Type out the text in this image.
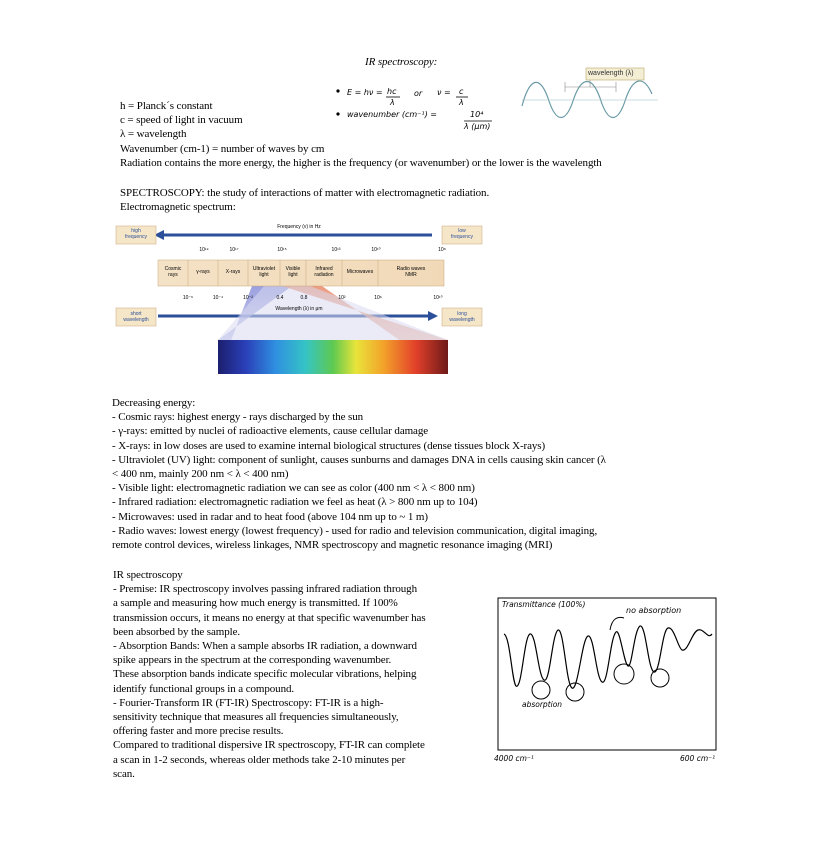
IR spectroscopy:
E = hν = hc
λ
or ν = c
λ
wavenumber (cm⁻¹) =	10⁴
λ (μm)
wavelength (λ)
h = Planck´s constant
c = speed of light in vacuum
λ = wavelength
Wavenumber (cm-1) = number of waves by cm
Radiation contains the more energy, the higher is the frequency (or wavenumber) or the lower is the wavelength
SPECTROSCOPY: the study of interactions of matter with electromagnetic radiation.
Electromagnetic spectrum:
high
frequency
low
frequency
Frequency (ν) in Hz
10¹⁹	10¹⁷	10¹⁵	10¹³	10¹⁰	10⁸
Cosmic
rays	γ-rays	X-rays	Ultraviolet
light
Visible
light
Infrared
radiation	Microwaves	Radio waves
NMR
10⁻⁶	10⁻⁴	10⁻²	0.4	0.8	10²	10⁶	10¹⁰
Wavelength (λ) in μm
short
wavelength
long
wavelength
Decreasing energy:
- Cosmic rays: highest energy - rays discharged by the sun
- γ-rays: emitted by nuclei of radioactive elements, cause cellular damage
- X-rays: in low doses are used to examine internal biological structures (dense tissues block X-rays)
- Ultraviolet (UV) light: component of sunlight, causes sunburns and damages DNA in cells causing skin cancer (λ
< 400 nm, mainly 200 nm < λ < 400 nm)
- Visible light: electromagnetic radiation we can see as color (400 nm < λ < 800 nm)
- Infrared radiation: electromagnetic radiation we feel as heat (λ > 800 nm up to 104)
- Microwaves: used in radar and to heat food (above 104 nm up to ~ 1 m)
- Radio waves: lowest energy (lowest frequency) - used for radio and television communication, digital imaging,
remote control devices, wireless linkages, NMR spectroscopy and magnetic resonance imaging (MRI)
IR spectroscopy
- Premise: IR spectroscopy involves passing infrared radiation through
a sample and measuring how much energy is transmitted. If 100%
transmission occurs, it means no energy at that specific wavenumber has
been absorbed by the sample.
- Absorption Bands: When a sample absorbs IR radiation, a downward
spike appears in the spectrum at the corresponding wavenumber.
These absorption bands indicate specific molecular vibrations, helping
identify functional groups in a compound.
- Fourier-Transform IR (FT-IR) Spectroscopy: FT-IR is a high-
sensitivity technique that measures all frequencies simultaneously,
offering faster and more precise results.
Compared to traditional dispersive IR spectroscopy, FT-IR can complete
a scan in 1-2 seconds, whereas older methods take 2-10 minutes per
scan.
Transmittance (100%)
no absorption
absorption
4000 cm⁻¹	600 cm⁻¹
